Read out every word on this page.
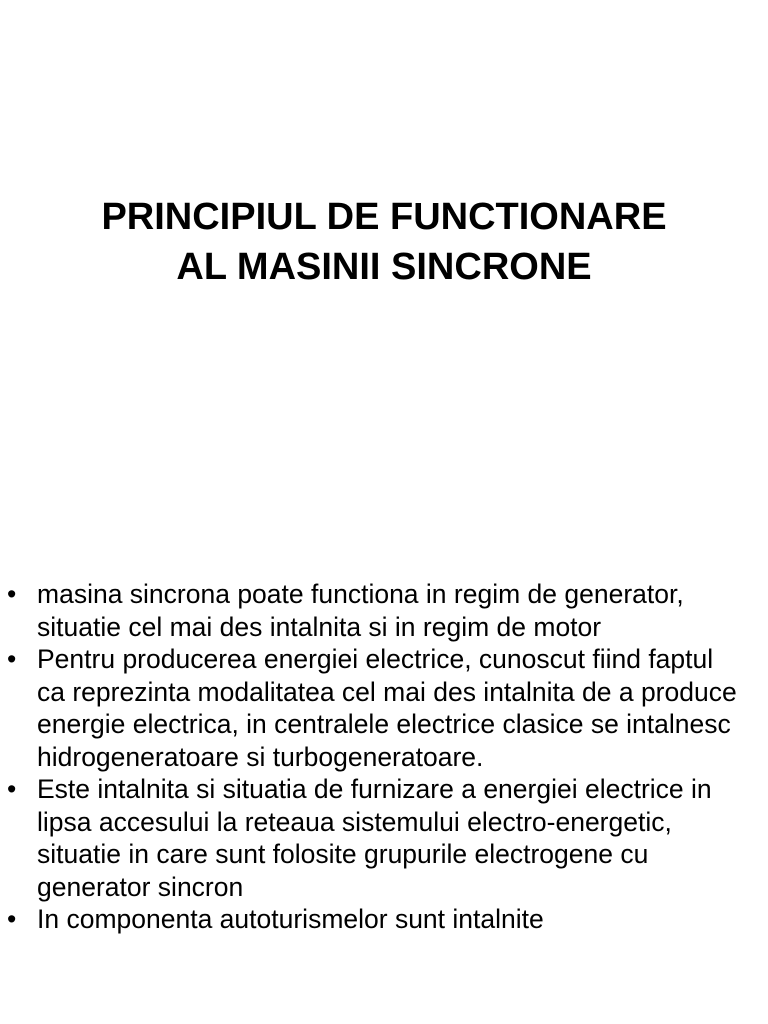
PRINCIPIUL DE FUNCTIONARE
AL MASINII SINCRONE
• masina sincrona poate functiona in regim de generator, situatie cel mai des intalnita si in regim de motor
• Pentru producerea energiei electrice, cunoscut fiind faptul ca reprezinta modalitatea cel mai des intalnita de a produce energie electrica, in centralele electrice clasice se intalnesc hidrogeneratoare si turbogeneratoare.
• Este intalnita si situatia de furnizare a energiei electrice in lipsa accesului la reteaua sistemului electro-energetic, situatie in care sunt folosite grupurile electrogene cu generator sincron
• In componenta autoturismelor sunt intalnite
